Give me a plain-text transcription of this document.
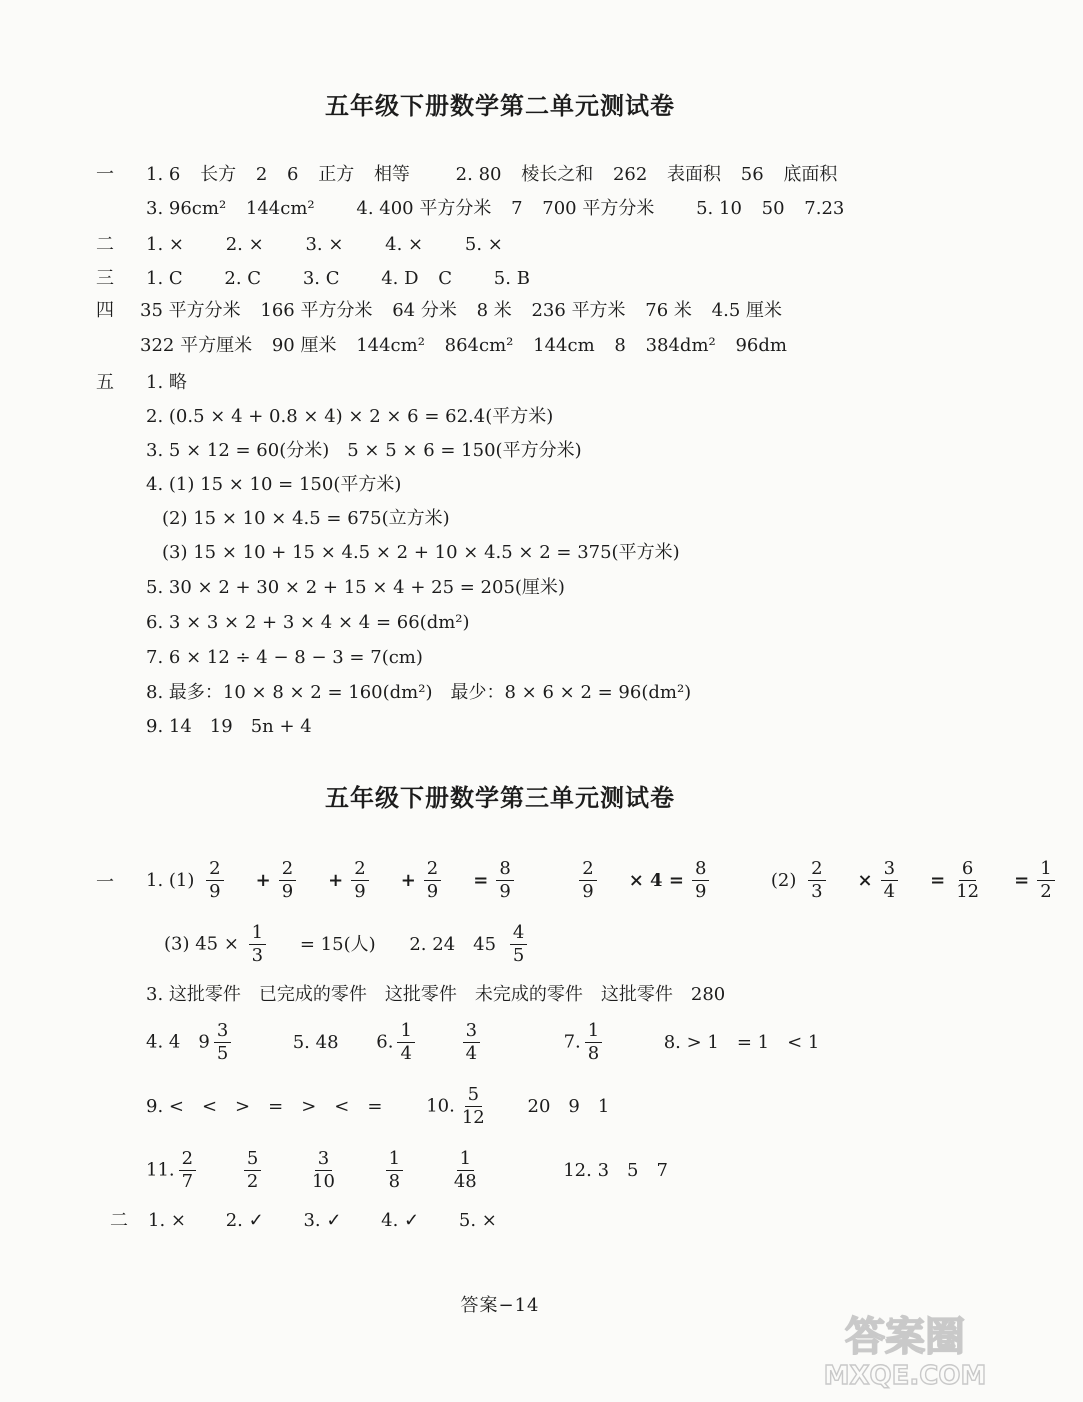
五年级下册数学第二单元测试卷
一 1. 6 长方 2 6 正方 相等	2. 80 棱长之和 262 表面积 56 底面积
3. 96cm² 144cm² 4. 400 平方分米 7 700 平方分米 5. 10 50 7.23
二 1. × 2. × 3. × 4. × 5. ×
三 1. C 2. C 3. C 4. D C 5. B
四 35 平方分米 166 平方分米 64 分米 8 米 236 平方米 76 米 4.5 厘米
322 平方厘米 90 厘米 144cm² 864cm² 144cm 8 384dm² 96dm
五 1. 略
2. (0.5 × 4 + 0.8 × 4) × 2 × 6 = 62.4(平方米)
3. 5 × 12 = 60(分米)　5 × 5 × 6 = 150(平方分米)
4. (1) 15 × 10 = 150(平方米)
(2) 15 × 10 × 4.5 = 675(立方米)
(3) 15 × 10 + 15 × 4.5 × 2 + 10 × 4.5 × 2 = 375(平方米)
5. 30 × 2 + 30 × 2 + 15 × 4 + 25 = 205(厘米)
6. 3 × 3 × 2 + 3 × 4 × 4 = 66(dm²)
7. 6 × 12 ÷ 4 − 8 − 3 = 7(cm)
8. 最多：10 × 8 × 2 = 160(dm²)　最少：8 × 6 × 2 = 96(dm²)
9. 14　19　5n + 4
五年级下册数学第三单元测试卷
一 1. $(1) \frac{2}{9} + \frac{2}{9} + \frac{2}{9} + \frac{2}{9} = \frac{8}{9}$
	$\frac{2}{9} \times 4 = \frac{8}{9}$	$(2) \frac{2}{3} \times \frac{3}{4} = \frac{6}{12} = \frac{1}{2}$
(3) $45 \times \frac{1}{3} = 15$(人) 2. 24　$45 \frac{4}{5}$
3. 这批零件　已完成的零件　这批零件　未完成的零件　这批零件　280
4. 4　$9 \frac{3}{5}$	5. 48 6. $\frac{1}{4}$
$\frac{3}{4}$	7. $\frac{1}{8}$	8. > 1　= 1　< 1
9. <　<　>　=　>　<　= 10. $\frac{5}{12} 20$　9　1
11. $\frac{2}{7}$
$\frac{5}{2}$
$\frac{3}{10}$
$\frac{1}{8}$
$\frac{1}{48}$	12. 3　5　7
二 1. × 2. ✓ 3. ✓ 4. ✓ 5. ×
答案−14
答案圈
MXQE.COM
